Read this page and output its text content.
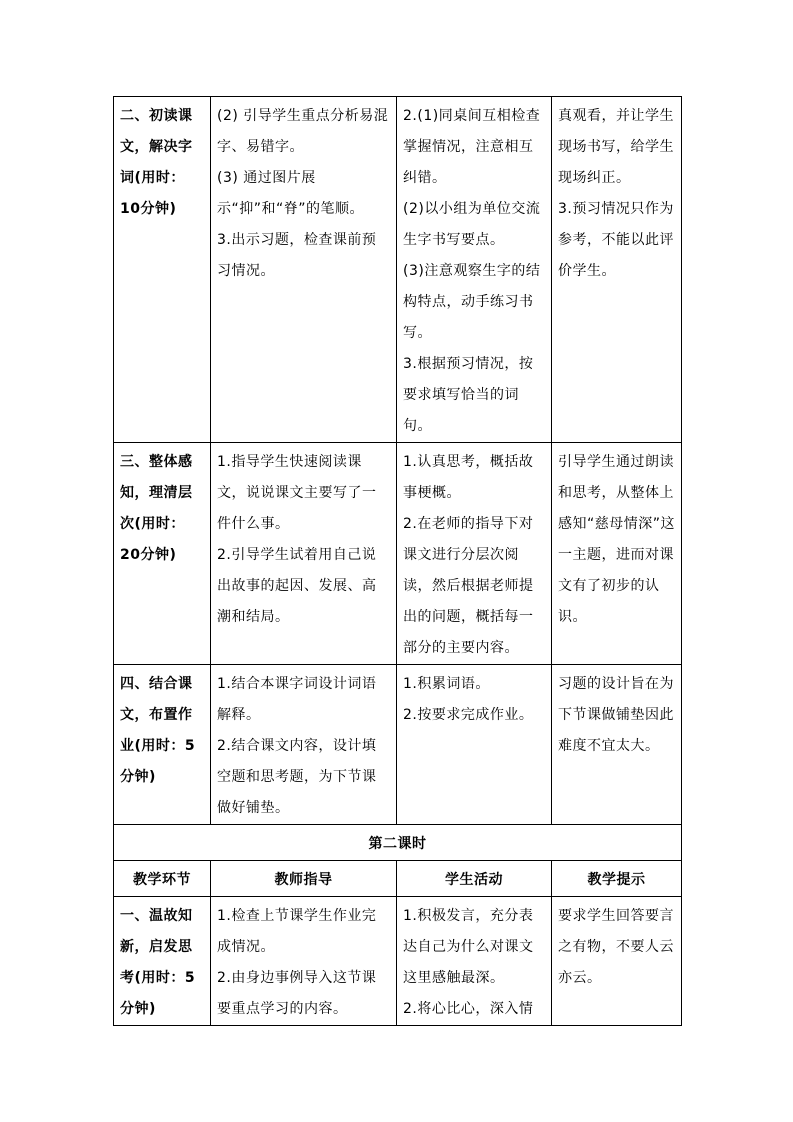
二、初读课文，解决字词(用时：10分钟)	(2) 引导学生重点分析易混字、易错字。
(3) 通过图片展示“抑”和“脊”的笔顺。
3.出示习题，检查课前预习情况。	2.(1)同桌间互相检查掌握情况，注意相互纠错。
(2)以小组为单位交流生字书写要点。
(3)注意观察生字的结构特点，动手练习书写。
3.根据预习情况，按要求填写恰当的词句。	真观看，并让学生现场书写，给学生现场纠正。
3.预习情况只作为参考，不能以此评价学生。

三、整体感知，理清层次(用时：20分钟)	1.指导学生快速阅读课文，说说课文主要写了一件什么事。
2.引导学生试着用自己说出故事的起因、发展、高潮和结局。	1.认真思考，概括故事梗概。
2.在老师的指导下对课文进行分层次阅读，然后根据老师提出的问题，概括每一部分的主要内容。	引导学生通过朗读和思考，从整体上感知“慈母情深”这一主题，进而对课文有了初步的认识。

四、结合课文，布置作业(用时：5分钟)	1.结合本课字词设计词语解释。
2.结合课文内容，设计填空题和思考题，为下节课做好铺垫。	1.积累词语。
2.按要求完成作业。	习题的设计旨在为下节课做铺垫因此难度不宜太大。

第二课时			
教学环节	教师指导	学生活动	教学提示
一、温故知新，启发思考(用时：5分钟)	1.检查上节课学生作业完成情况。
2.由身边事例导入这节课要重点学习的内容。	1.积极发言，充分表达自己为什么对课文这里感触最深。
2.将心比心，深入情	要求学生回答要言之有物，不要人云亦云。
